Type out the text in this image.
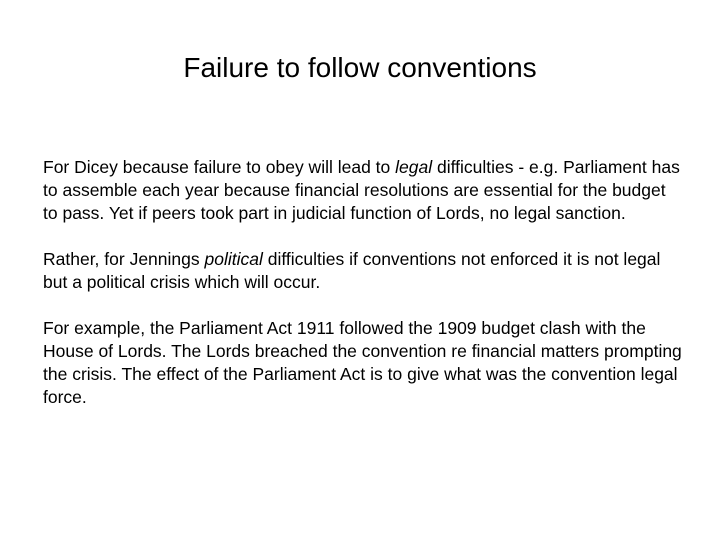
Failure to follow conventions

For Dicey because failure to obey will lead to legal difficulties - e.g. Parliament has to assemble each year because financial resolutions are essential for the budget to pass. Yet if peers took part in judicial function of Lords, no legal sanction.

Rather, for Jennings political difficulties if conventions not enforced it is not legal but a political crisis which will occur.

For example, the Parliament Act 1911 followed the 1909 budget clash with the House of Lords. The Lords breached the convention re financial matters prompting the crisis. The effect of the Parliament Act is to give what was the convention legal force.
